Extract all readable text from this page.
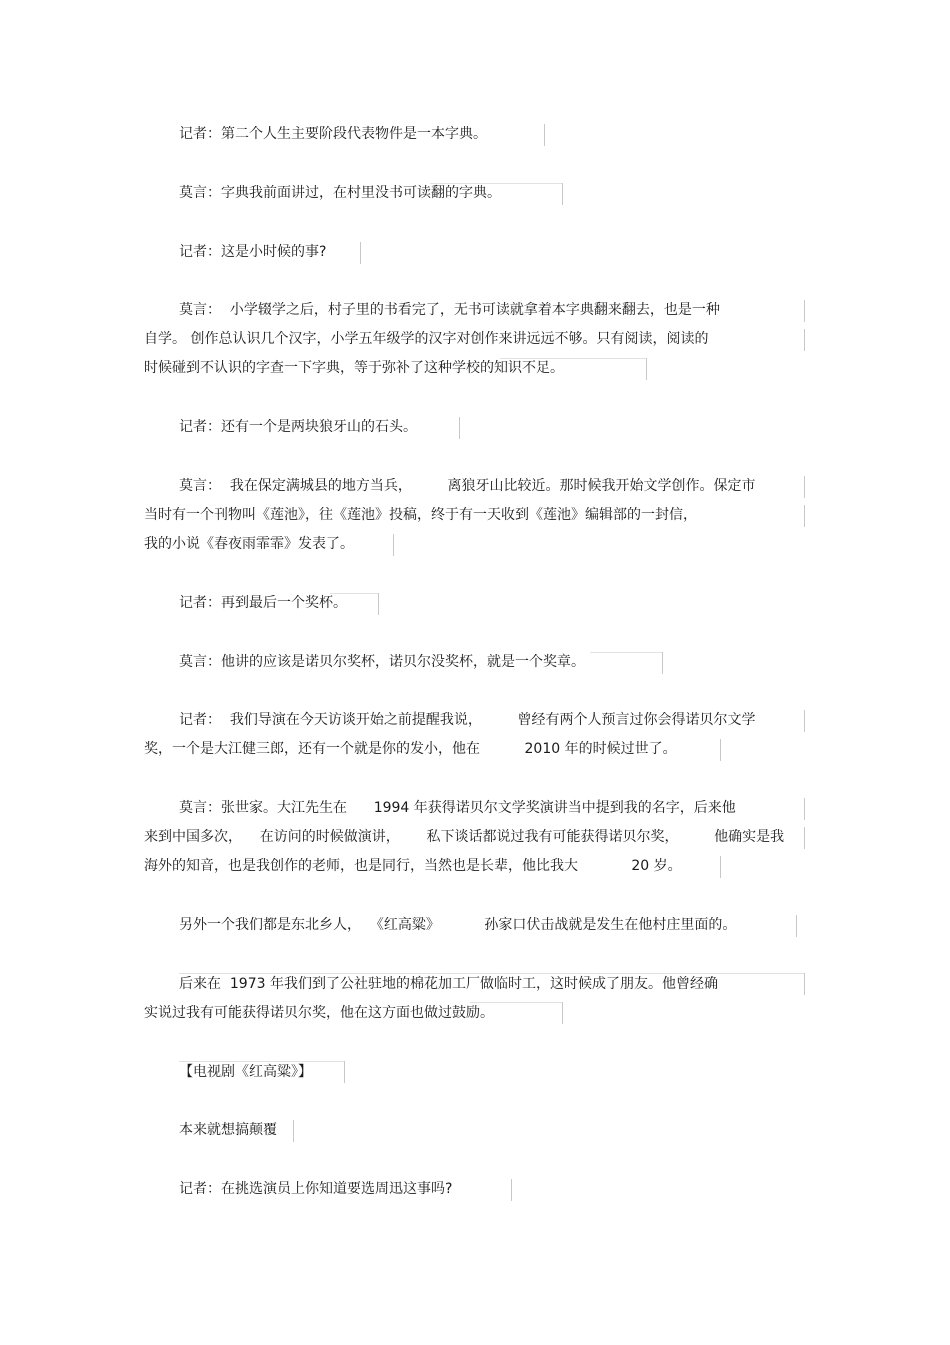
记者：第二个人生主要阶段代表物件是一本字典。
莫言：字典我前面讲过，在村里没书可读翻的字典。
记者：这是小时候的事?
莫言：  小学辍学之后，村子里的书看完了，无书可读就拿着本字典翻来翻去，也是一种
自学。 创作总认识几个汉字，小学五年级学的汉字对创作来讲远远不够。只有阅读，阅读的
时候碰到不认识的字查一下字典，等于弥补了这种学校的知识不足。
记者：还有一个是两块狼牙山的石头。
莫言：  我在保定满城县的地方当兵，        离狼牙山比较近。那时候我开始文学创作。保定市
当时有一个刊物叫《莲池》，往《莲池》投稿，终于有一天收到《莲池》编辑部的一封信，
我的小说《春夜雨霏霏》发表了。
记者：再到最后一个奖杯。
莫言：他讲的应该是诺贝尔奖杯，诺贝尔没奖杯，就是一个奖章。
记者：  我们导演在今天访谈开始之前提醒我说，        曾经有两个人预言过你会得诺贝尔文学
奖，一个是大江健三郎，还有一个就是你的发小，他在          2010 年的时候过世了。
莫言：张世家。大江先生在      1994 年获得诺贝尔文学奖演讲当中提到我的名字，后来他
来到中国多次，    在访问的时候做演讲，      私下谈话都说过我有可能获得诺贝尔奖，        他确实是我
海外的知音，也是我创作的老师，也是同行，当然也是长辈，他比我大            20 岁。
另外一个我们都是东北乡人，  《红高粱》          孙家口伏击战就是发生在他村庄里面的。
后来在  1973 年我们到了公社驻地的棉花加工厂做临时工，这时候成了朋友。他曾经确
实说过我有可能获得诺贝尔奖，他在这方面也做过鼓励。
【电视剧《红高粱》】
本来就想搞颠覆
记者：在挑选演员上你知道要选周迅这事吗?
